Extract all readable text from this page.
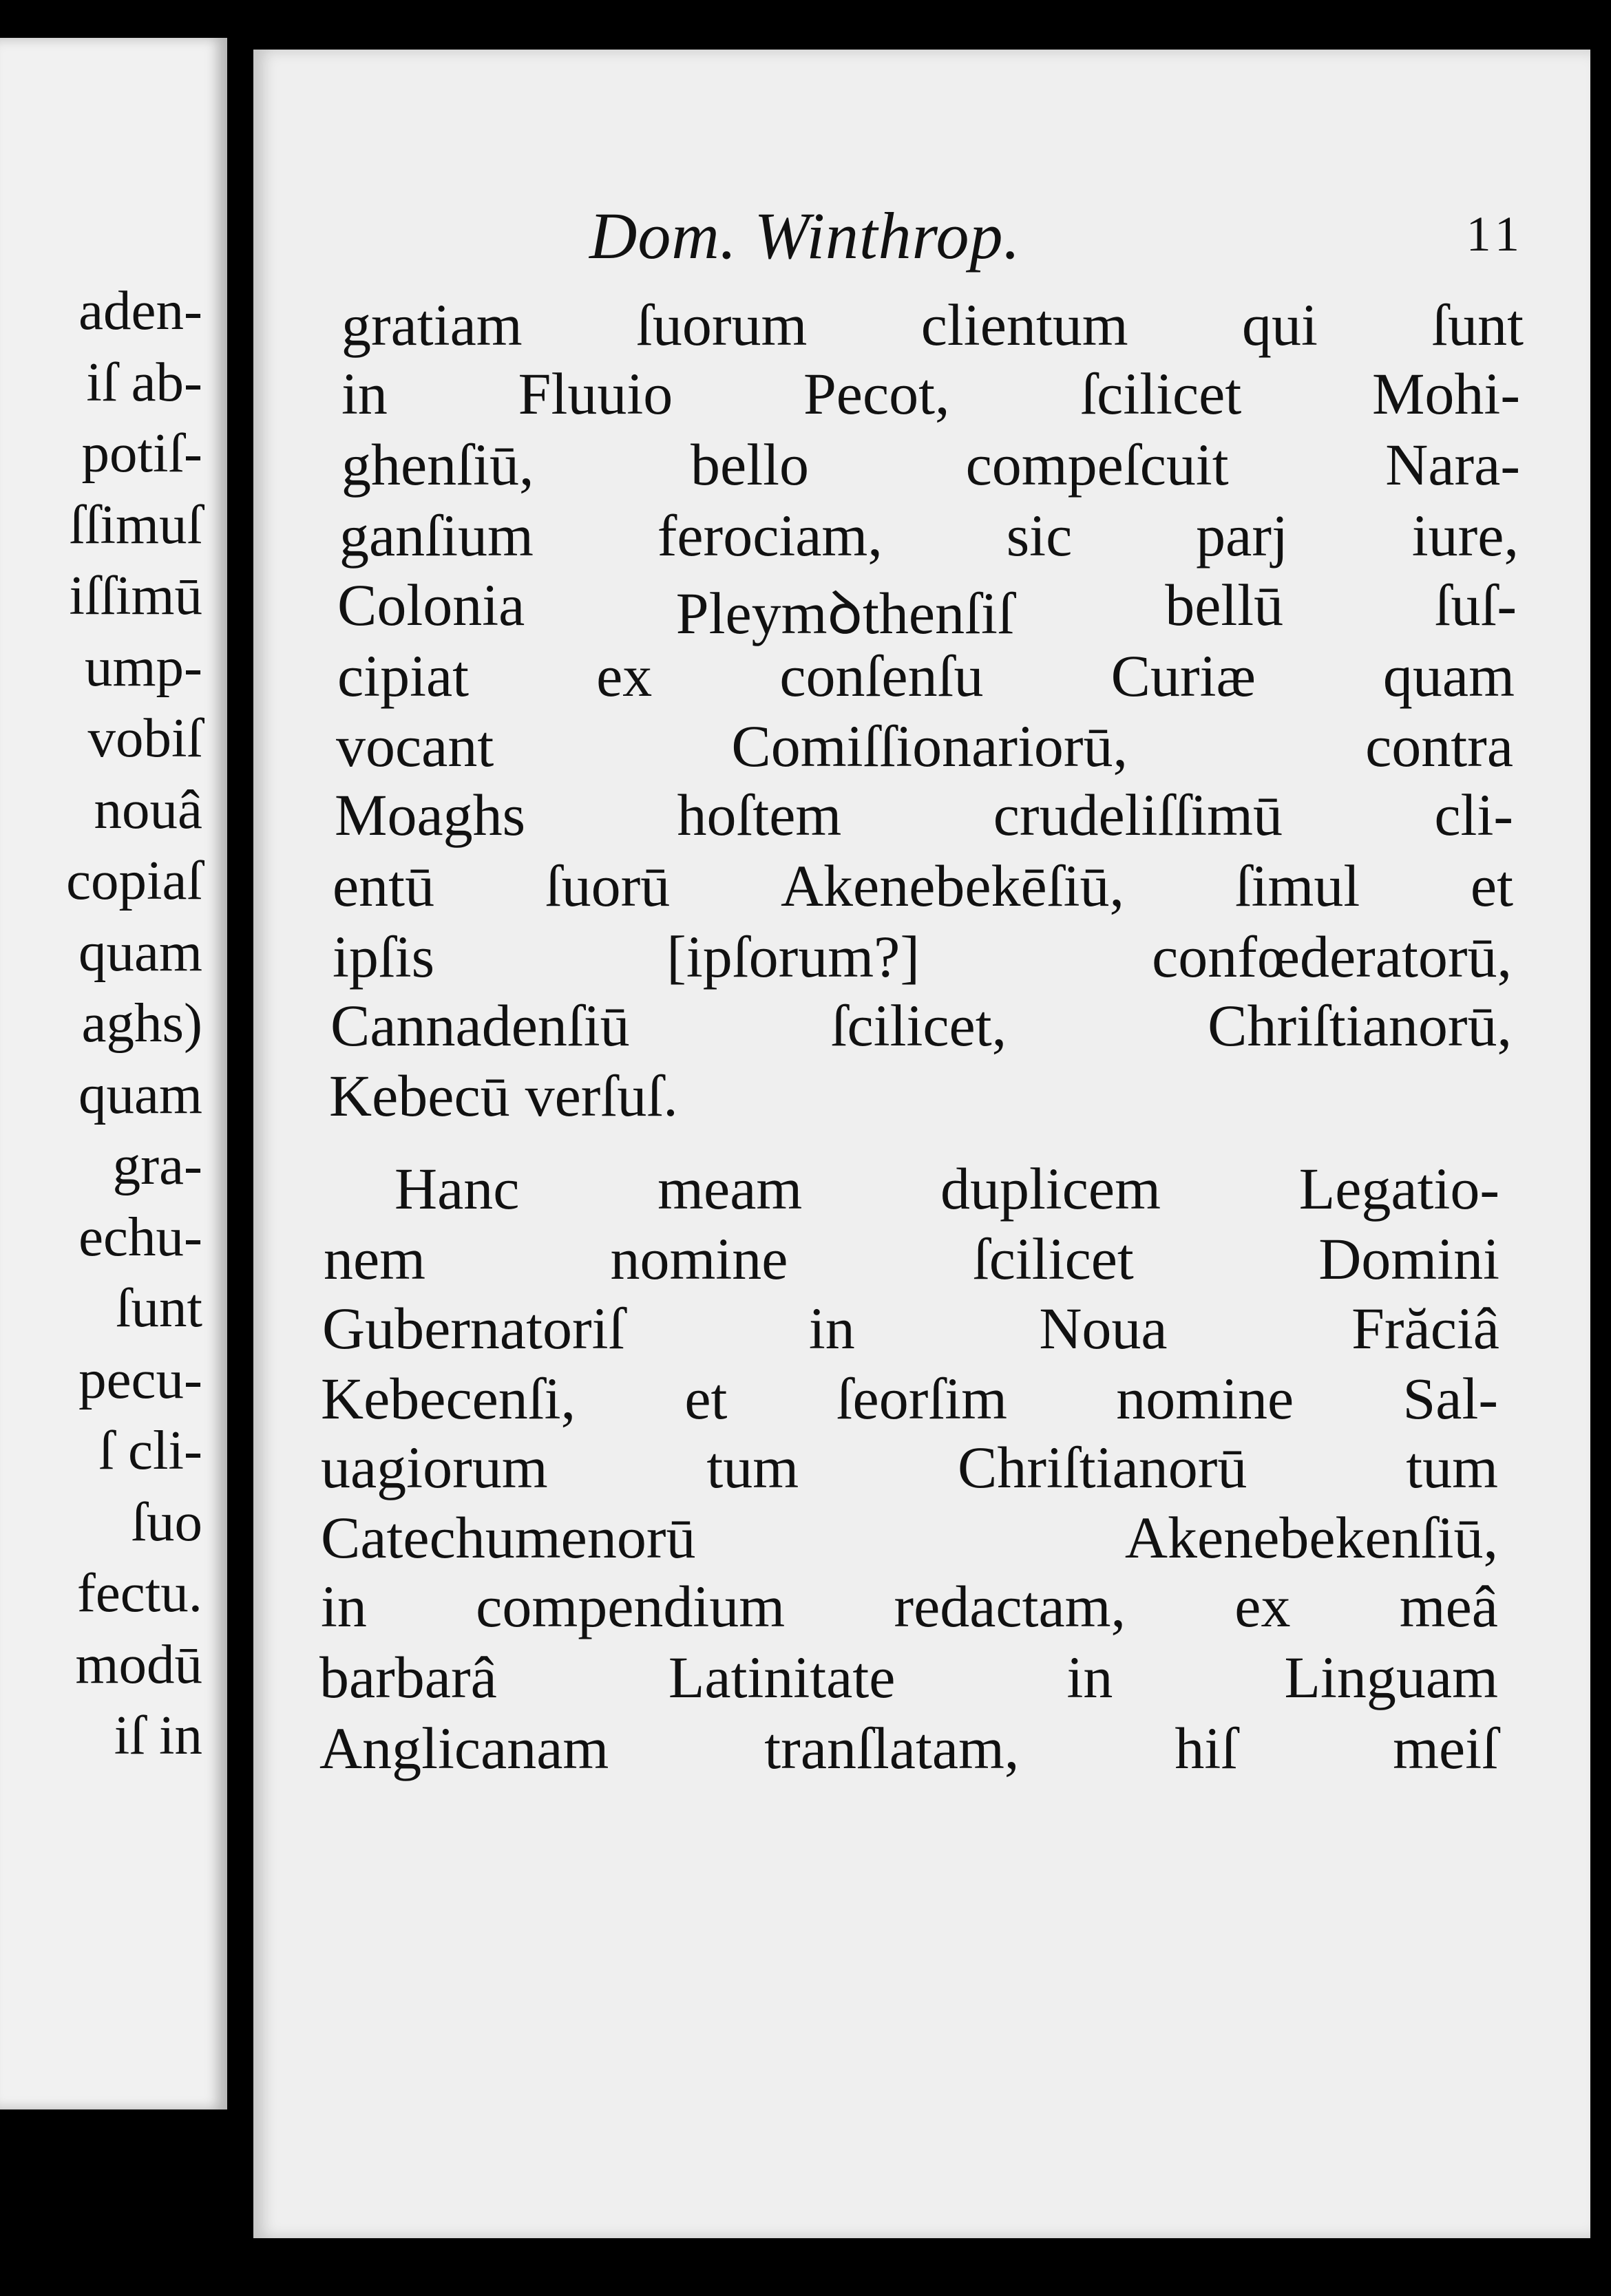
aden-
iſ ab-
potiſ-
ſſimuſ
iſſimū
ump-
vobiſ
nouâ
copiaſ
quam
aghs)
quam
gra-
echu-
ſunt
pecu-
ſ cli-
ſuo
fectu.
modū
iſ in
Dom. Winthrop.	11
gratiam ſuorum clientum qui ſunt
in Fluuio Pecot, ſcilicet Mohi-
ghenſiū,	bello	compeſcuit	Nara-
ganſium ferociam, sic parj iure,
Colonia	Pleymꝺthenſiſ	bellū	ſuſ-
cipiat ex conſenſu Curiæ quam
vocant	Comiſſionariorū,	contra
Moaghs	hoſtem	crudeliſſimū	cli-
entū ſuorū Akenebekēſiū, ſimul et
ipſis	[ipſorum?]	confœderatorū,
Cannadenſiū	ſcilicet,	Chriſtianorū,
Kebecū verſuſ.
Hanc meam duplicem Legatio-
nem	nomine	ſcilicet	Domini
Gubernatoriſ	in	Noua	Frăciâ
Kebecenſi, et ſeorſim nomine Sal-
uagiorum	tum	Chriſtianorū	tum
Catechumenorū	Akenebekenſiū,
in compendium redactam, ex meâ
barbarâ	Latinitate	in	Linguam
Anglicanam	tranſlatam,	hiſ	meiſ
